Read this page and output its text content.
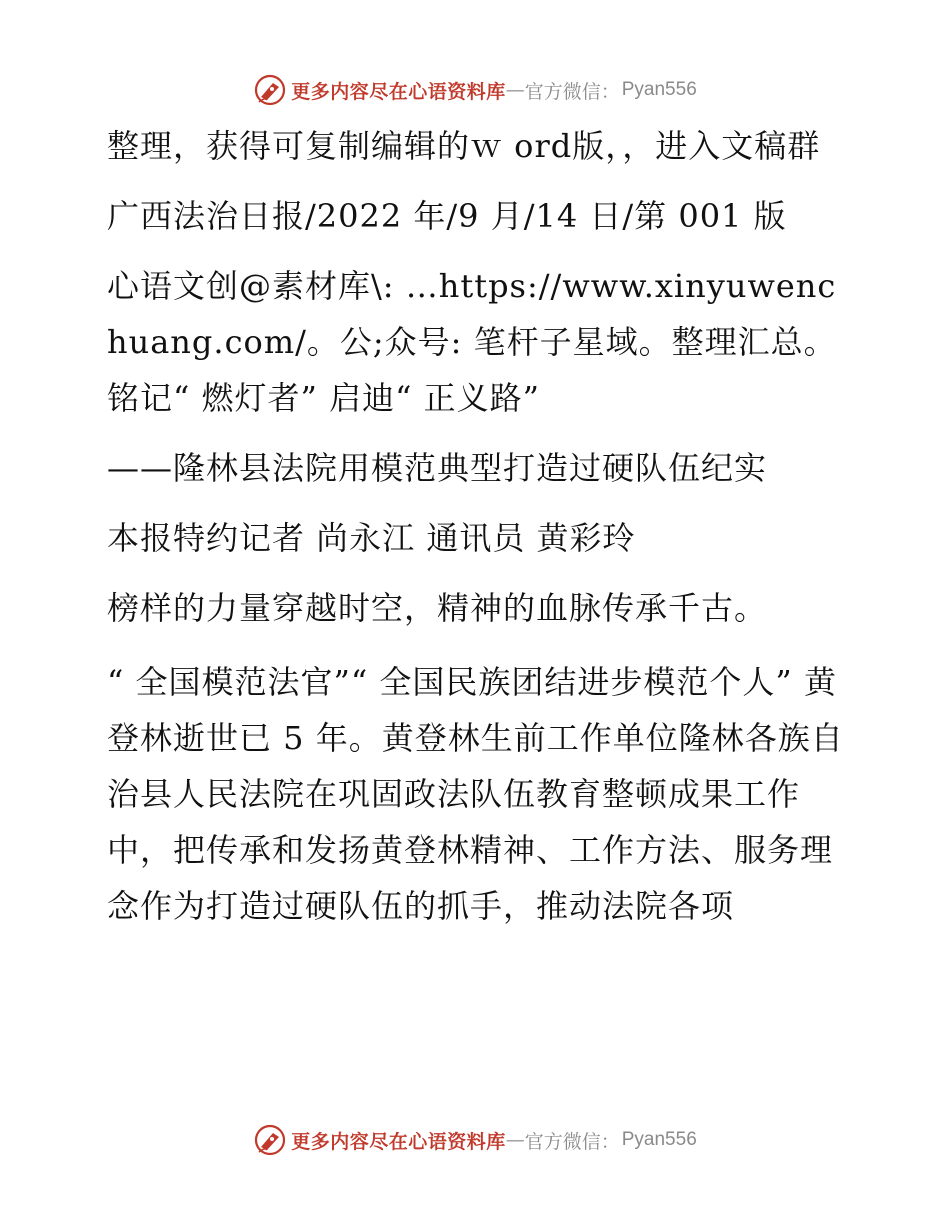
更多内容尽在心语资料库 — 官方微信： Pyan556

整理，获得可复制编辑的ｗ ord版，，进入文稿群

广西法治日报/2022 年/9 月/14 日/第 001 版

心语文创@素材库\: …https://www.xinyuwenchuang.com/。公;众号: 笔杆子星域。整理汇总。 铭记“ 燃灯者” 启迪“ 正义路”

——隆林县法院用模范典型打造过硬队伍纪实

本报特约记者 尚永江 通讯员 黄彩玲

榜样的力量穿越时空，精神的血脉传承千古。

“ 全国模范法官”“ 全国民族团结进步模范个人” 黄登林逝世已 5 年。黄登林生前工作单位隆林各族自治县人民法院在巩固政法队伍教育整顿成果工作中，把传承和发扬黄登林精神、工作方法、服务理念作为打造过硬队伍的抓手，推动法院各项

更多内容尽在心语资料库 — 官方微信： Pyan556
